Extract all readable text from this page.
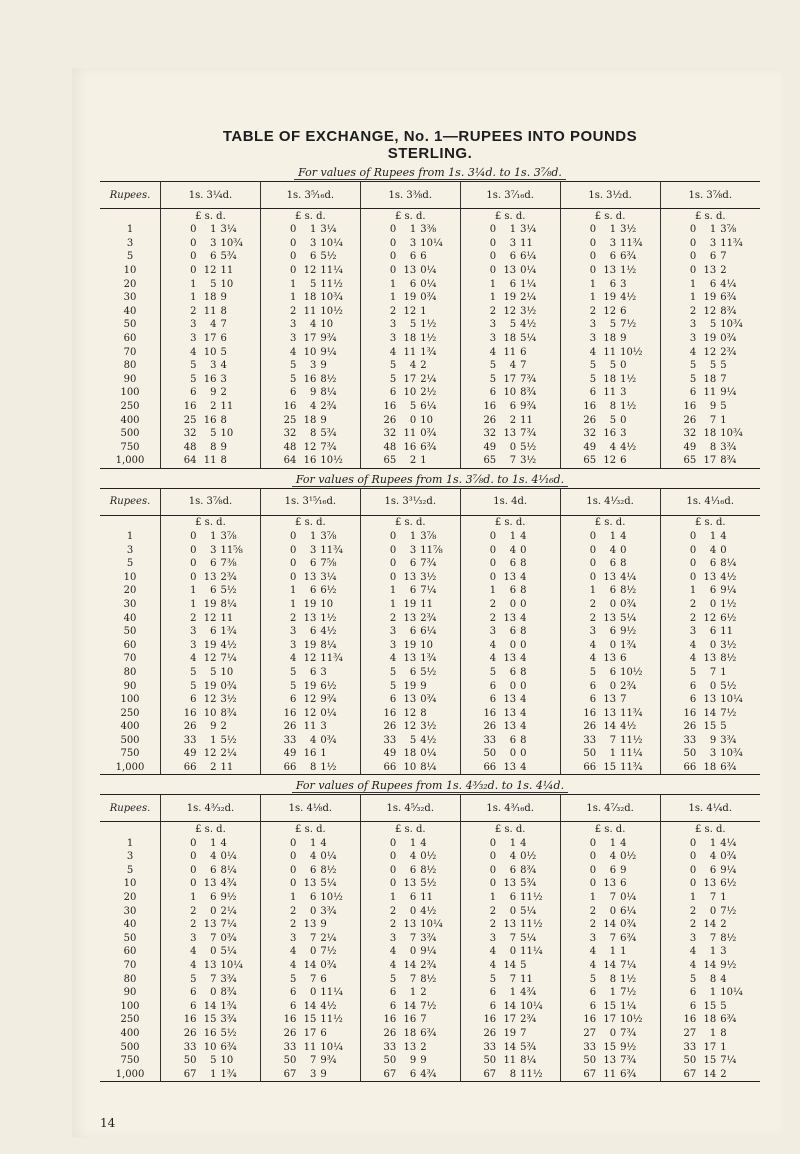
TABLE OF EXCHANGE, No. 1—RUPEES INTO POUNDS
STERLING.
For values of Rupees from 1s. 3¼d. to 1s. 3⅞d.
Rupees.	1s. 3¼d.	1s. 3⁵⁄₁₆d.	1s. 3⅜d.	1s. 3⁷⁄₁₆d.	1s. 3½d.	1s. 3⅞d.
	£ s. d.	£ s. d.	£ s. d.	£ s. d.	£ s. d.	£ s. d.
1	0 1 3¼	0 1 3¼	0 1 3⅜	0 1 3¼	0 1 3½	0 1 3⅞

3	0 3 10¾	0 3 10¼	0 3 10¼	0 3 11	0 3 11¾	0 3 11¾

5	0 6 5¾	0 6 5½	0 6 6	0 6 6¼	0 6 6¾	0 6 7

10	0 12 11	0 12 11¼	0 13 0¼	0 13 0¼	0 13 1½	0 13 2

20	1 5 10	1 5 11½	1 6 0¼	1 6 1¼	1 6 3	1 6 4¼

30	1 18 9	1 18 10¾	1 19 0¾	1 19 2¼	1 19 4½	1 19 6¾

40	2 11 8	2 11 10½	2 12 1	2 12 3½	2 12 6	2 12 8¾

50	3 4 7	3 4 10	3 5 1½	3 5 4½	3 5 7½	3 5 10¾

60	3 17 6	3 17 9¾	3 18 1½	3 18 5¼	3 18 9	3 19 0¾

70	4 10 5	4 10 9¼	4 11 1¾	4 11 6	4 11 10½	4 12 2¾

80	5 3 4	5 3 9	5 4 2	5 4 7	5 5 0	5 5 5

90	5 16 3	5 16 8½	5 17 2¼	5 17 7¾	5 18 1½	5 18 7

100	6 9 2	6 9 8¼	6 10 2½	6 10 8¾	6 11 3	6 11 9¼

250	16 2 11	16 4 2¾	16 5 6¼	16 6 9¾	16 8 1½	16 9 5

400	25 16 8	25 18 9	26 0 10	26 2 11	26 5 0	26 7 1

500	32 5 10	32 8 5¾	32 11 0¾	32 13 7¾	32 16 3	32 18 10¾

750	48 8 9	48 12 7¾	48 16 6¾	49 0 5½	49 4 4½	49 8 3¾

1,000	64 11 8	64 16 10½	65 2 1	65 7 3½	65 12 6	65 17 8¾
For values of Rupees from 1s. 3⅞d. to 1s. 4¹⁄₁₆d.
Rupees.	1s. 3⅞d.	1s. 3¹⁵⁄₁₆d.	1s. 3³¹⁄₃₂d.	1s. 4d.	1s. 4¹⁄₃₂d.	1s. 4¹⁄₁₆d.
	£ s. d.	£ s. d.	£ s. d.	£ s. d.	£ s. d.	£ s. d.
1	0 1 3⅞	0 1 3⅞	0 1 3⅞	0 1 4	0 1 4	0 1 4

3	0 3 11⅝	0 3 11¾	0 3 11⅞	0 4 0	0 4 0	0 4 0

5	0 6 7⅜	0 6 7⅝	0 6 7¾	0 6 8	0 6 8	0 6 8¼

10	0 13 2¾	0 13 3¼	0 13 3½	0 13 4	0 13 4¼	0 13 4½

20	1 6 5½	1 6 6½	1 6 7¼	1 6 8	1 6 8½	1 6 9¼

30	1 19 8¼	1 19 10	1 19 11	2 0 0	2 0 0¾	2 0 1½

40	2 12 11	2 13 1½	2 13 2¾	2 13 4	2 13 5¼	2 12 6½

50	3 6 1¾	3 6 4½	3 6 6¼	3 6 8	3 6 9½	3 6 11

60	3 19 4½	3 19 8¼	3 19 10	4 0 0	4 0 1¾	4 0 3½

70	4 12 7¼	4 12 11¾	4 13 1¾	4 13 4	4 13 6	4 13 8½

80	5 5 10	5 6 3	5 6 5½	5 6 8	5 6 10½	5 7 1

90	5 19 0¾	5 19 6½	5 19 9	6 0 0	6 0 2¾	6 0 5½

100	6 12 3½	6 12 9¾	6 13 0¾	6 13 4	6 13 7	6 13 10¼

250	16 10 8¾	16 12 0¼	16 12 8	16 13 4	16 13 11¾	16 14 7½

400	26 9 2	26 11 3	26 12 3½	26 13 4	26 14 4½	26 15 5

500	33 1 5½	33 4 0¾	33 5 4½	33 6 8	33 7 11½	33 9 3¾

750	49 12 2¼	49 16 1	49 18 0¼	50 0 0	50 1 11¼	50 3 10¾

1,000	66 2 11	66 8 1½	66 10 8¼	66 13 4	66 15 11¾	66 18 6¾
For values of Rupees from 1s. 4³⁄₃₂d. to 1s. 4¼d.
Rupees.	1s. 4³⁄₃₂d.	1s. 4⅛d.	1s. 4⁵⁄₃₂d.	1s. 4³⁄₁₆d.	1s. 4⁷⁄₃₂d.	1s. 4¼d.
	£ s. d.	£ s. d.	£ s. d.	£ s. d.	£ s. d.	£ s. d.
1	0 1 4	0 1 4	0 1 4	0 1 4	0 1 4	0 1 4¼

3	0 4 0¼	0 4 0¼	0 4 0½	0 4 0½	0 4 0½	0 4 0¾

5	0 6 8¼	0 6 8½	0 6 8½	0 6 8¾	0 6 9	0 6 9¼

10	0 13 4¾	0 13 5¼	0 13 5½	0 13 5¾	0 13 6	0 13 6½

20	1 6 9½	1 6 10½	1 6 11	1 6 11½	1 7 0¼	1 7 1

30	2 0 2¼	2 0 3¾	2 0 4½	2 0 5¼	2 0 6¼	2 0 7½

40	2 13 7¼	2 13 9	2 13 10¼	2 13 11½	2 14 0¾	2 14 2

50	3 7 0¾	3 7 2¼	3 7 3¾	3 7 5¼	3 7 6¾	3 7 8½

60	4 0 5¼	4 0 7½	4 0 9¼	4 0 11¼	4 1 1	4 1 3

70	4 13 10¼	4 14 0¾	4 14 2¾	4 14 5	4 14 7¼	4 14 9½

80	5 7 3¾	5 7 6	5 7 8½	5 7 11	5 8 1½	5 8 4

90	6 0 8¾	6 0 11¼	6 1 2	6 1 4¾	6 1 7½	6 1 10¼

100	6 14 1¾	6 14 4½	6 14 7½	6 14 10¼	6 15 1¼	6 15 5

250	16 15 3¾	16 15 11½	16 16 7	16 17 2¾	16 17 10½	16 18 6¾

400	26 16 5½	26 17 6	26 18 6¾	26 19 7	27 0 7¾	27 1 8

500	33 10 6¾	33 11 10¼	33 13 2	33 14 5¾	33 15 9½	33 17 1

750	50 5 10	50 7 9¾	50 9 9	50 11 8¼	50 13 7¾	50 15 7¼

1,000	67 1 1¾	67 3 9	67 6 4¾	67 8 11½	67 11 6¾	67 14 2
14
